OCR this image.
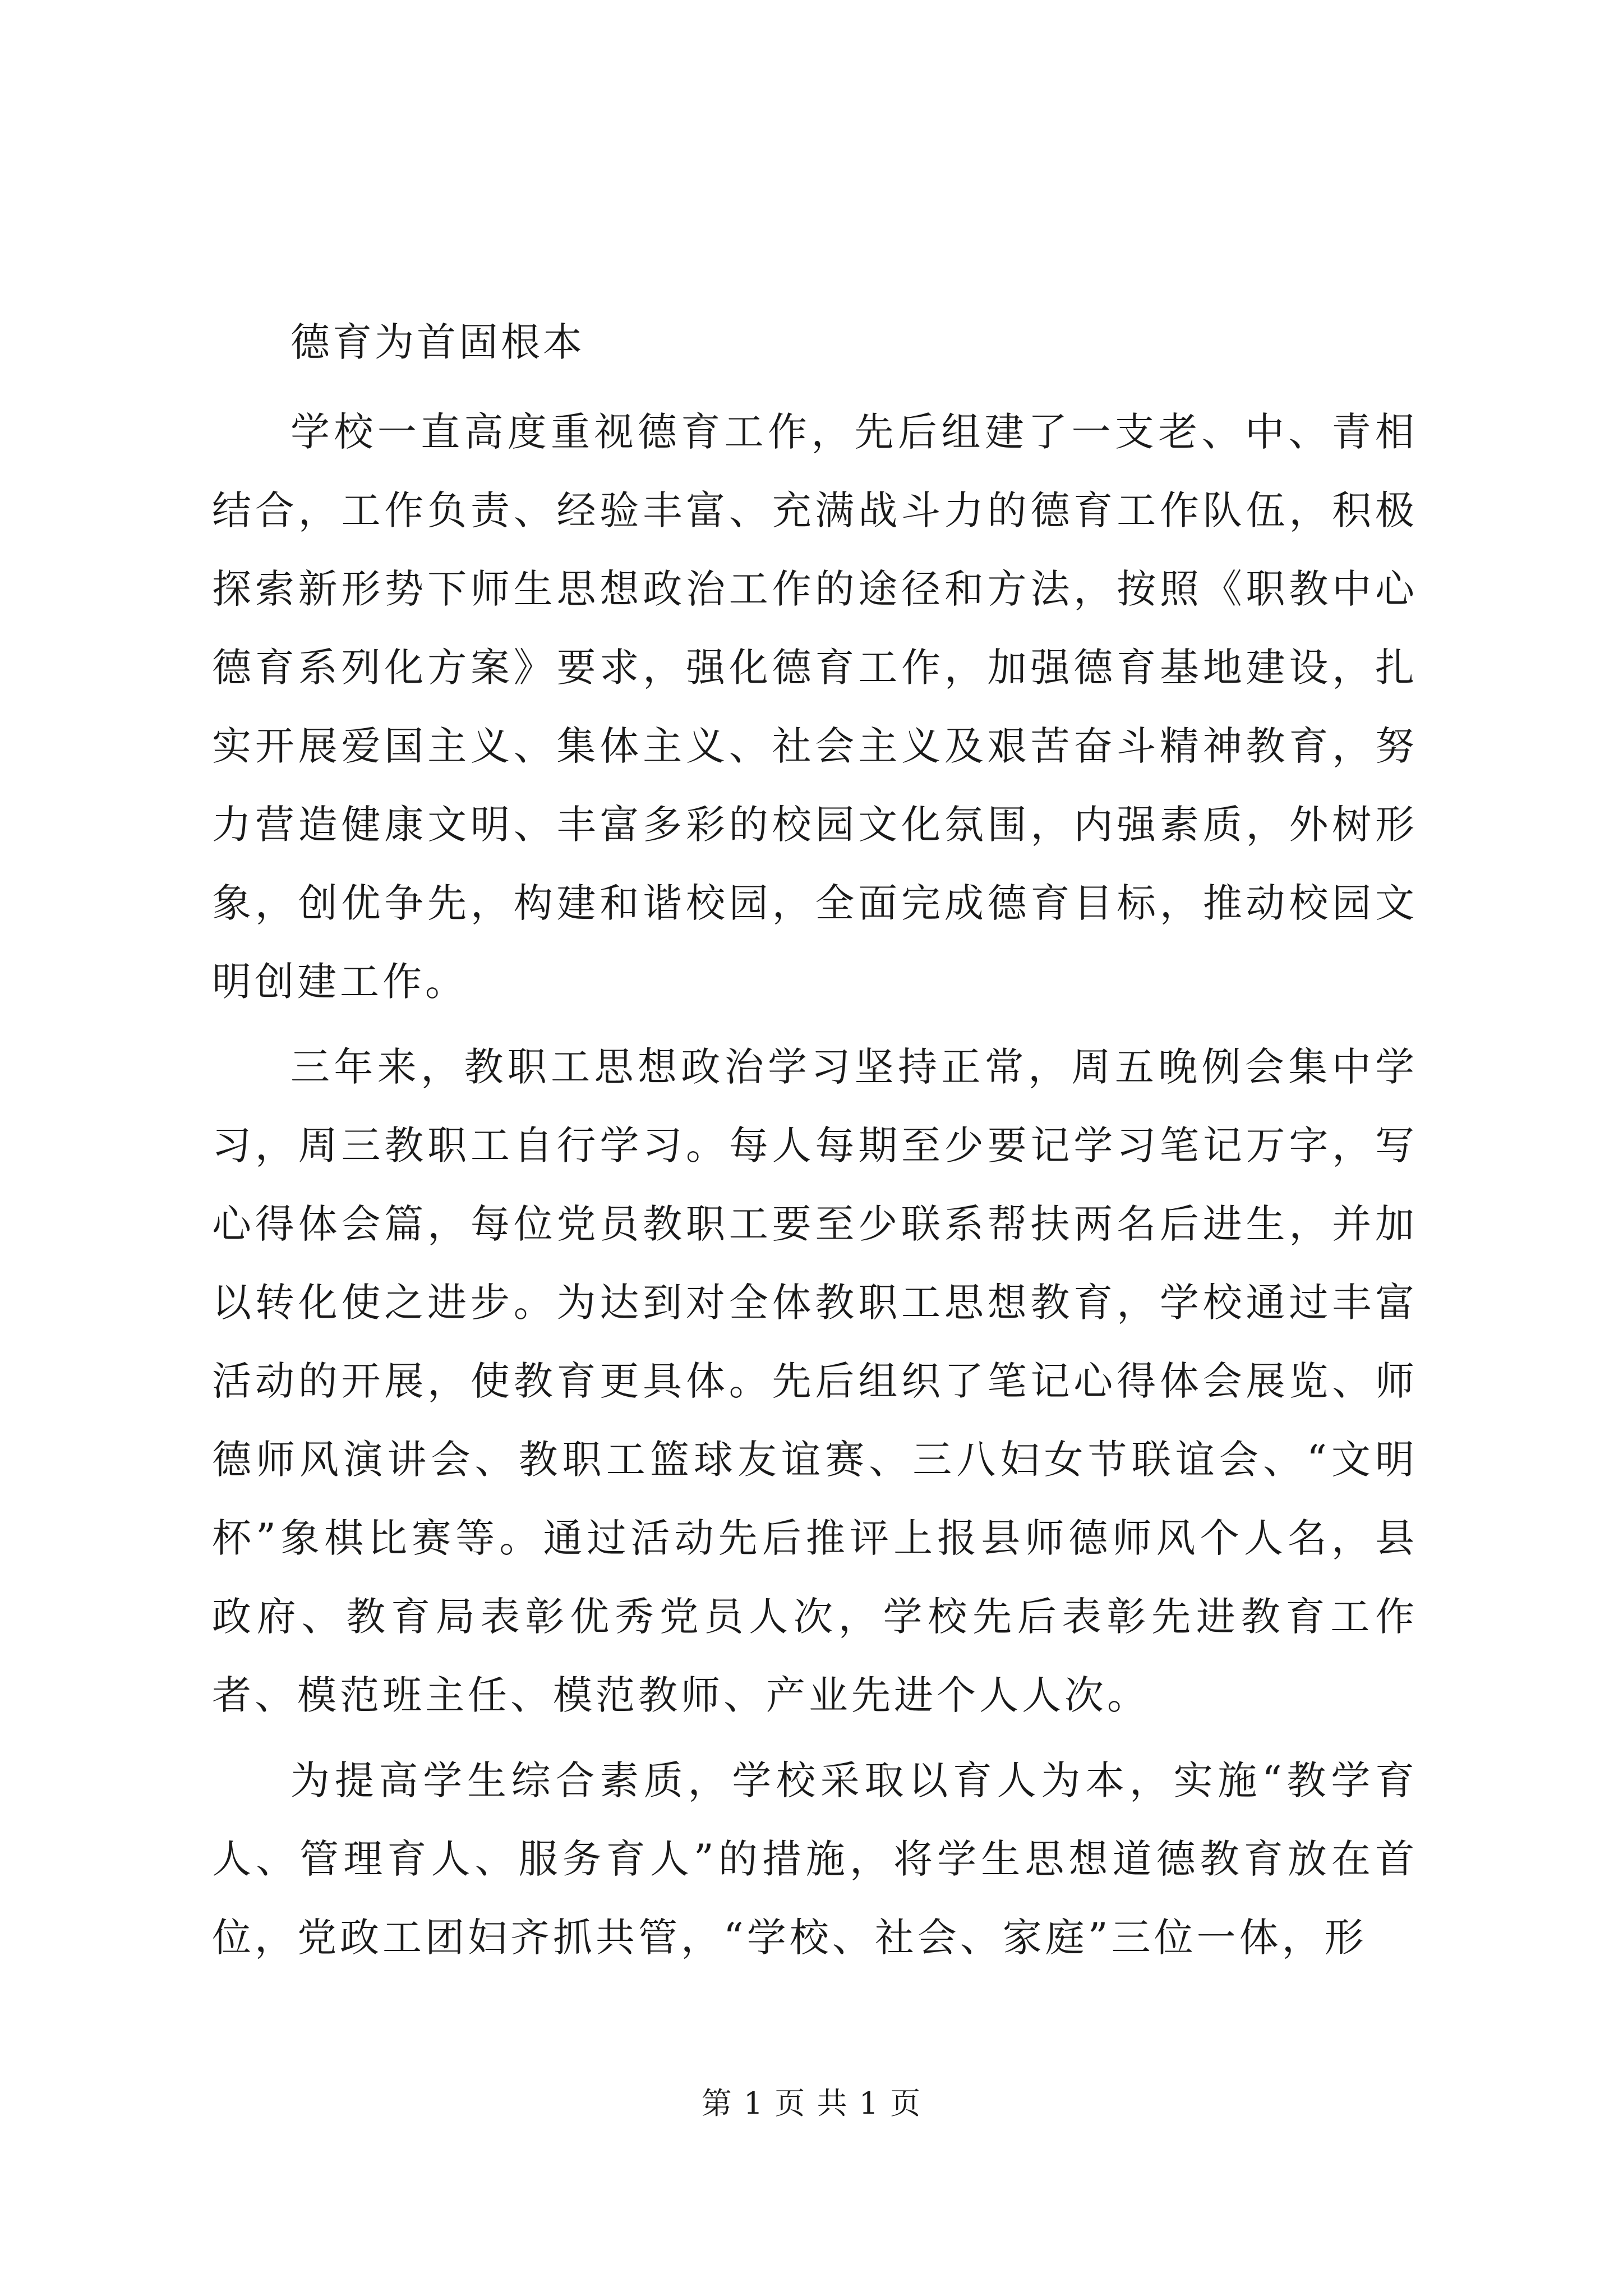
德育为首固根本

学校一直高度重视德育工作，先后组建了一支老、中、青相结合，工作负责、经验丰富、充满战斗力的德育工作队伍，积极探索新形势下师生思想政治工作的途径和方法，按照《职教中心德育系列化方案》要求，强化德育工作，加强德育基地建设，扎实开展爱国主义、集体主义、社会主义及艰苦奋斗精神教育，努力营造健康文明、丰富多彩的校园文化氛围，内强素质，外树形象，创优争先，构建和谐校园，全面完成德育目标，推动校园文明创建工作。

三年来，教职工思想政治学习坚持正常，周五晚例会集中学习，周三教职工自行学习。每人每期至少要记学习笔记万字，写心得体会篇，每位党员教职工要至少联系帮扶两名后进生，并加以转化使之进步。为达到对全体教职工思想教育，学校通过丰富活动的开展，使教育更具体。先后组织了笔记心得体会展览、师德师风演讲会、教职工篮球友谊赛、三八妇女节联谊会、“文明杯”象棋比赛等。通过活动先后推评上报县师德师风个人名，县政府、教育局表彰优秀党员人次，学校先后表彰先进教育工作者、模范班主任、模范教师、产业先进个人人次。

为提高学生综合素质，学校采取以育人为本，实施“教学育人、管理育人、服务育人”的措施，将学生思想道德教育放在首位，党政工团妇齐抓共管，“学校、社会、家庭”三位一体，形

第 1 页 共 1 页
